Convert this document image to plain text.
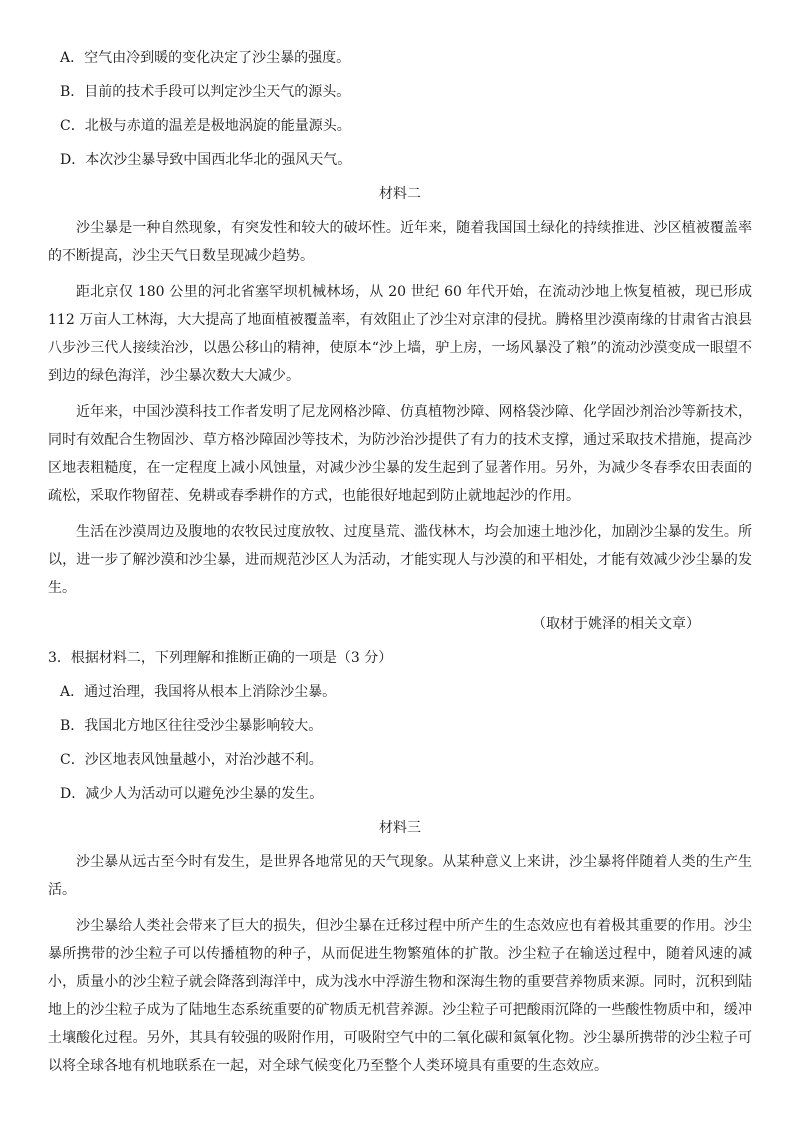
A．空气由冷到暖的变化决定了沙尘暴的强度。
B．目前的技术手段可以判定沙尘天气的源头。
C．北极与赤道的温差是极地涡旋的能量源头。
D．本次沙尘暴导致中国西北华北的强风天气。
材料二

沙尘暴是一种自然现象，有突发性和较大的破坏性。近年来，随着我国国土绿化的持续推进、沙区植被覆盖率的不断提高，沙尘天气日数呈现减少趋势。

距北京仅 180 公里的河北省塞罕坝机械林场，从 20 世纪 60 年代开始，在流动沙地上恢复植被，现已形成 112 万亩人工林海，大大提高了地面植被覆盖率，有效阻止了沙尘对京津的侵扰。腾格里沙漠南缘的甘肃省古浪县八步沙三代人接续治沙，以愚公移山的精神，使原本“沙上墙，驴上房，一场风暴没了粮”的流动沙漠变成一眼望不到边的绿色海洋，沙尘暴次数大大减少。

近年来，中国沙漠科技工作者发明了尼龙网格沙障、仿真植物沙障、网格袋沙障、化学固沙剂治沙等新技术，同时有效配合生物固沙、草方格沙障固沙等技术，为防沙治沙提供了有力的技术支撑，通过采取技术措施，提高沙区地表粗糙度，在一定程度上减小风蚀量，对减少沙尘暴的发生起到了显著作用。另外，为减少冬春季农田表面的疏松，采取作物留茬、免耕或春季耕作的方式，也能很好地起到防止就地起沙的作用。

生活在沙漠周边及腹地的农牧民过度放牧、过度垦荒、滥伐林木，均会加速土地沙化，加剧沙尘暴的发生。所以，进一步了解沙漠和沙尘暴，进而规范沙区人为活动，才能实现人与沙漠的和平相处，才能有效减少沙尘暴的发生。

（取材于姚泽的相关文章）
3．根据材料二，下列理解和推断正确的一项是（3 分）
A．通过治理，我国将从根本上消除沙尘暴。
B．我国北方地区往往受沙尘暴影响较大。
C．沙区地表风蚀量越小，对治沙越不利。
D．减少人为活动可以避免沙尘暴的发生。
材料三

沙尘暴从远古至今时有发生，是世界各地常见的天气现象。从某种意义上来讲，沙尘暴将伴随着人类的生产生活。

沙尘暴给人类社会带来了巨大的损失，但沙尘暴在迁移过程中所产生的生态效应也有着极其重要的作用。沙尘暴所携带的沙尘粒子可以传播植物的种子，从而促进生物繁殖体的扩散。沙尘粒子在输送过程中，随着风速的减小，质量小的沙尘粒子就会降落到海洋中，成为浅水中浮游生物和深海生物的重要营养物质来源。同时，沉积到陆地上的沙尘粒子成为了陆地生态系统重要的矿物质无机营养源。沙尘粒子可把酸雨沉降的一些酸性物质中和，缓冲土壤酸化过程。另外，其具有较强的吸附作用，可吸附空气中的二氧化碳和氮氧化物。沙尘暴所携带的沙尘粒子可以将全球各地有机地联系在一起，对全球气候变化乃至整个人类环境具有重要的生态效应。
